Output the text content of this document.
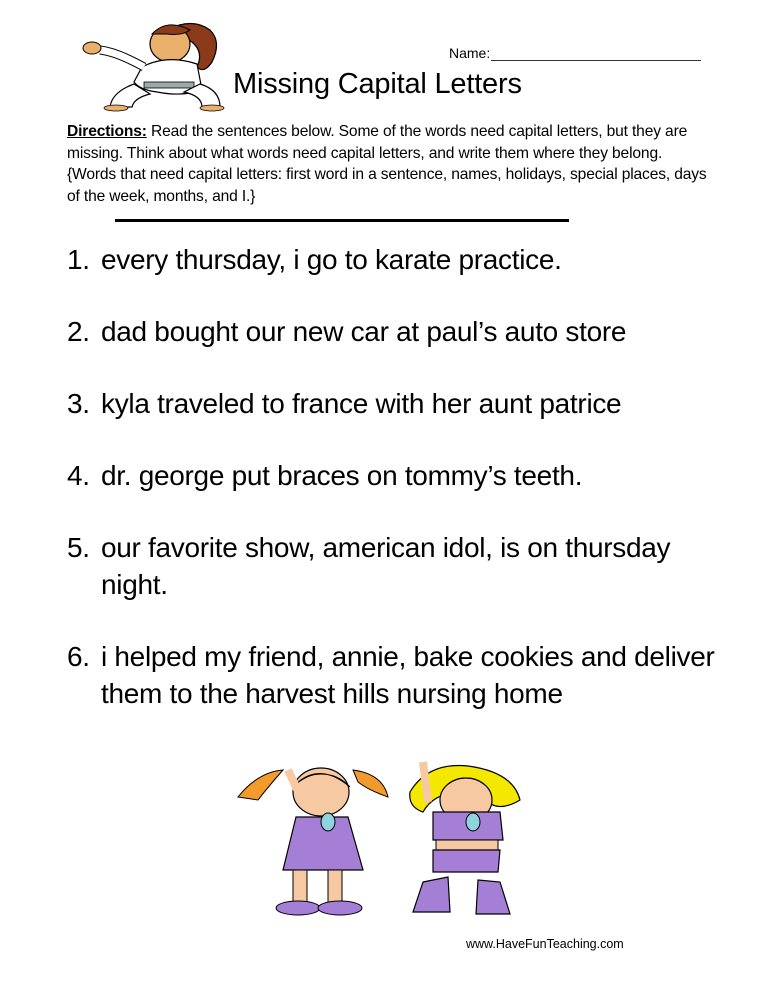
Name:
Missing Capital Letters

Directions: Read the sentences below. Some of the words need capital letters, but they are missing. Think about what words need capital letters, and write them where they belong. {Words that need capital letters: first word in a sentence, names, holidays, special places, days of the week, months, and I.}

1. every thursday, i go to karate practice.
2. dad bought our new car at paul’s auto store
3. kyla traveled to france with her aunt patrice
4. dr. george put braces on tommy’s teeth.
5. our favorite show, american idol, is on thursday night.
6. i helped my friend, annie, bake cookies and deliver them to the harvest hills nursing home
www.HaveFunTeaching.com
